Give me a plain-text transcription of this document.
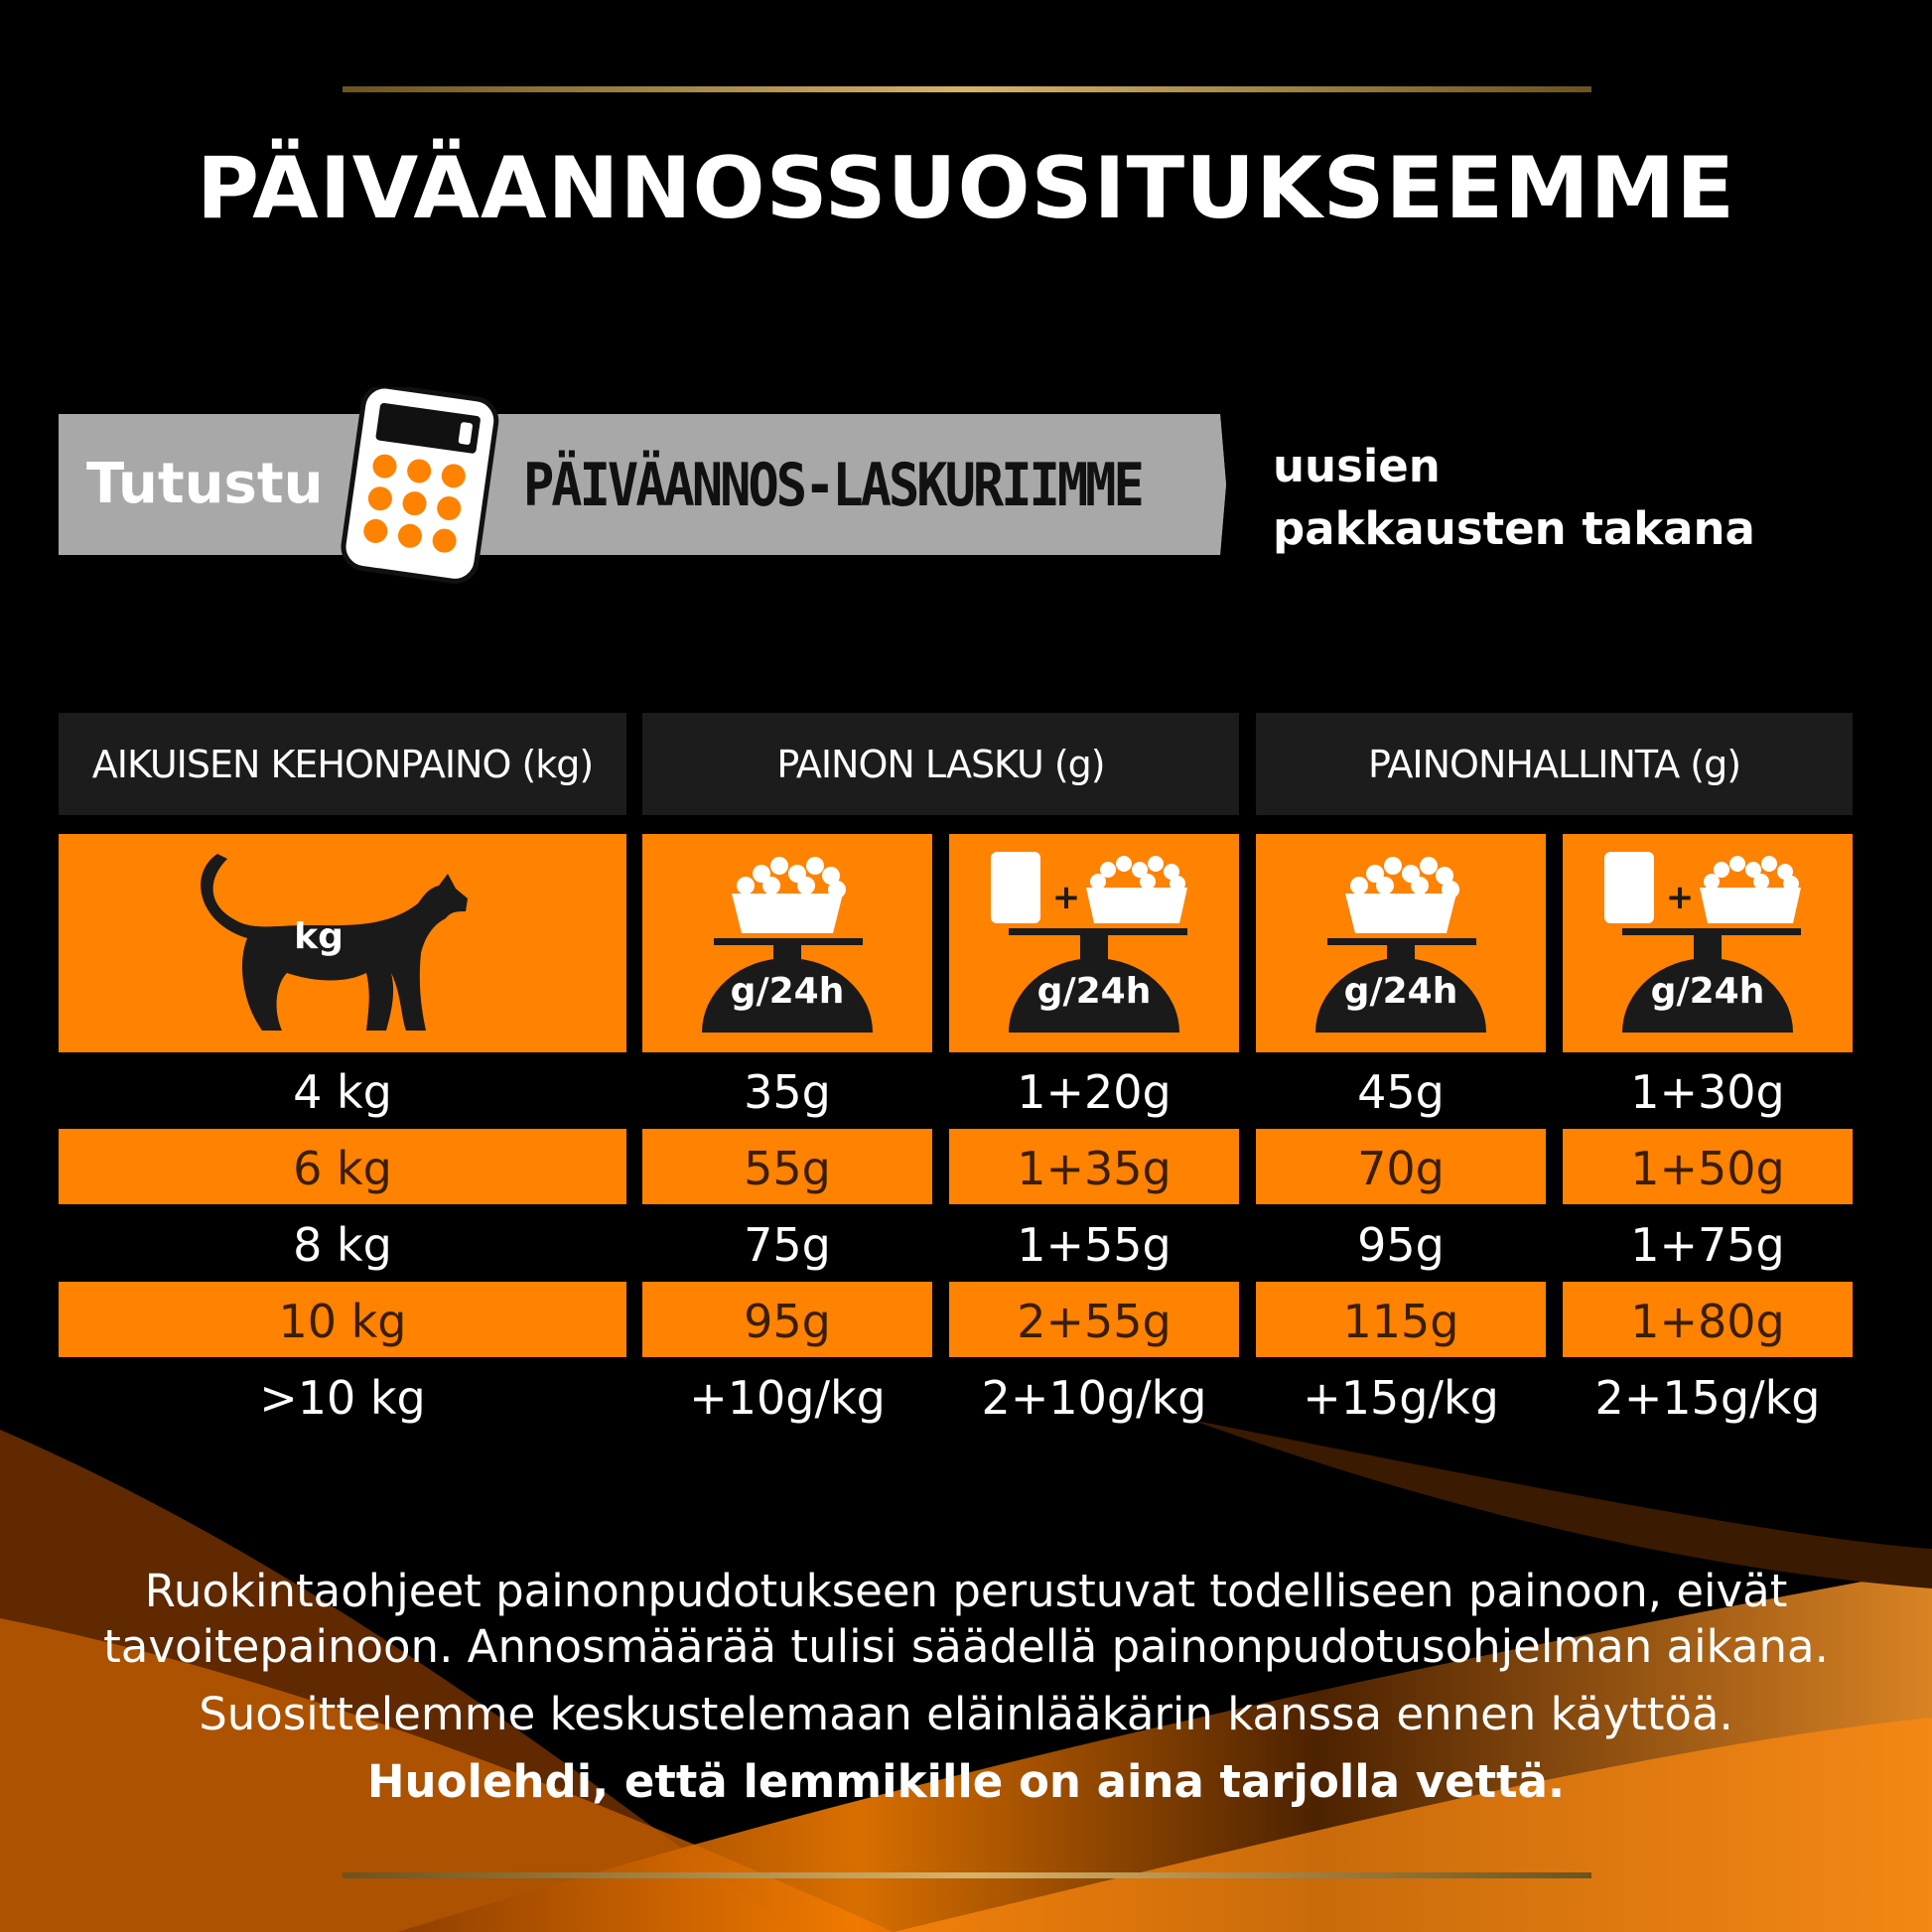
PÄIVÄANNOSSUOSITUKSEEMME
Tutustu	PÄIVÄANNOS-LASKURIIMME	uusien
pakkausten takana
AIKUISEN KEHONPAINO (kg)	PAINON LASKU (g)	PAINONHALLINTA (g)
kg
g/24h
+
g/24h	g/24h
+
g/24h
4 kg	35g	1+20g	45g	1+30g
6 kg	55g	1+35g	70g	1+50g
8 kg	75g	1+55g	95g	1+75g
10 kg	95g	2+55g	115g	1+80g
>10 kg	+10g/kg	2+10g/kg	+15g/kg	2+15g/kg
Ruokintaohjeet painonpudotukseen perustuvat todelliseen painoon, eivät
tavoitepainoon. Annosmäärää tulisi säädellä painonpudotusohjelman aikana.
Suosittelemme keskustelemaan eläinlääkärin kanssa ennen käyttöä.
Huolehdi, että lemmikille on aina tarjolla vettä.
